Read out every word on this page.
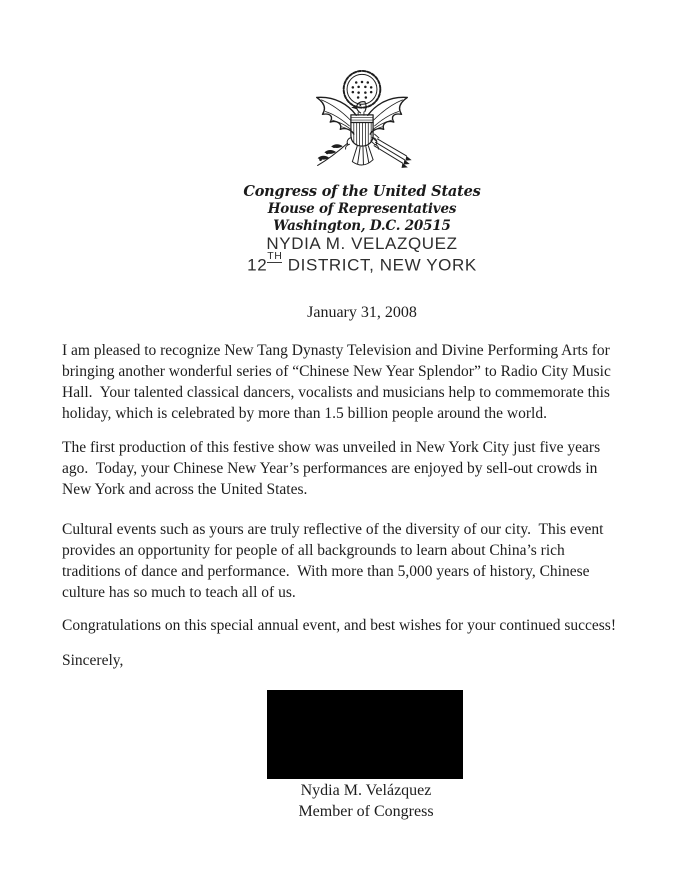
Congress of the United States
House of Representatives
Washington, D.C. 20515
NYDIA M. VELAZQUEZ
12TH DISTRICT, NEW YORK
January 31, 2008
I am pleased to recognize New Tang Dynasty Television and Divine Performing Arts for
bringing another wonderful series of “Chinese New Year Splendor” to Radio City Music
Hall.  Your talented classical dancers, vocalists and musicians help to commemorate this
holiday, which is celebrated by more than 1.5 billion people around the world.
The first production of this festive show was unveiled in New York City just five years
ago.  Today, your Chinese New Year’s performances are enjoyed by sell-out crowds in
New York and across the United States.
Cultural events such as yours are truly reflective of the diversity of our city.  This event
provides an opportunity for people of all backgrounds to learn about China’s rich
traditions of dance and performance.  With more than 5,000 years of history, Chinese
culture has so much to teach all of us.
Congratulations on this special annual event, and best wishes for your continued success!
Sincerely,
Nydia M. Velázquez
Member of Congress
